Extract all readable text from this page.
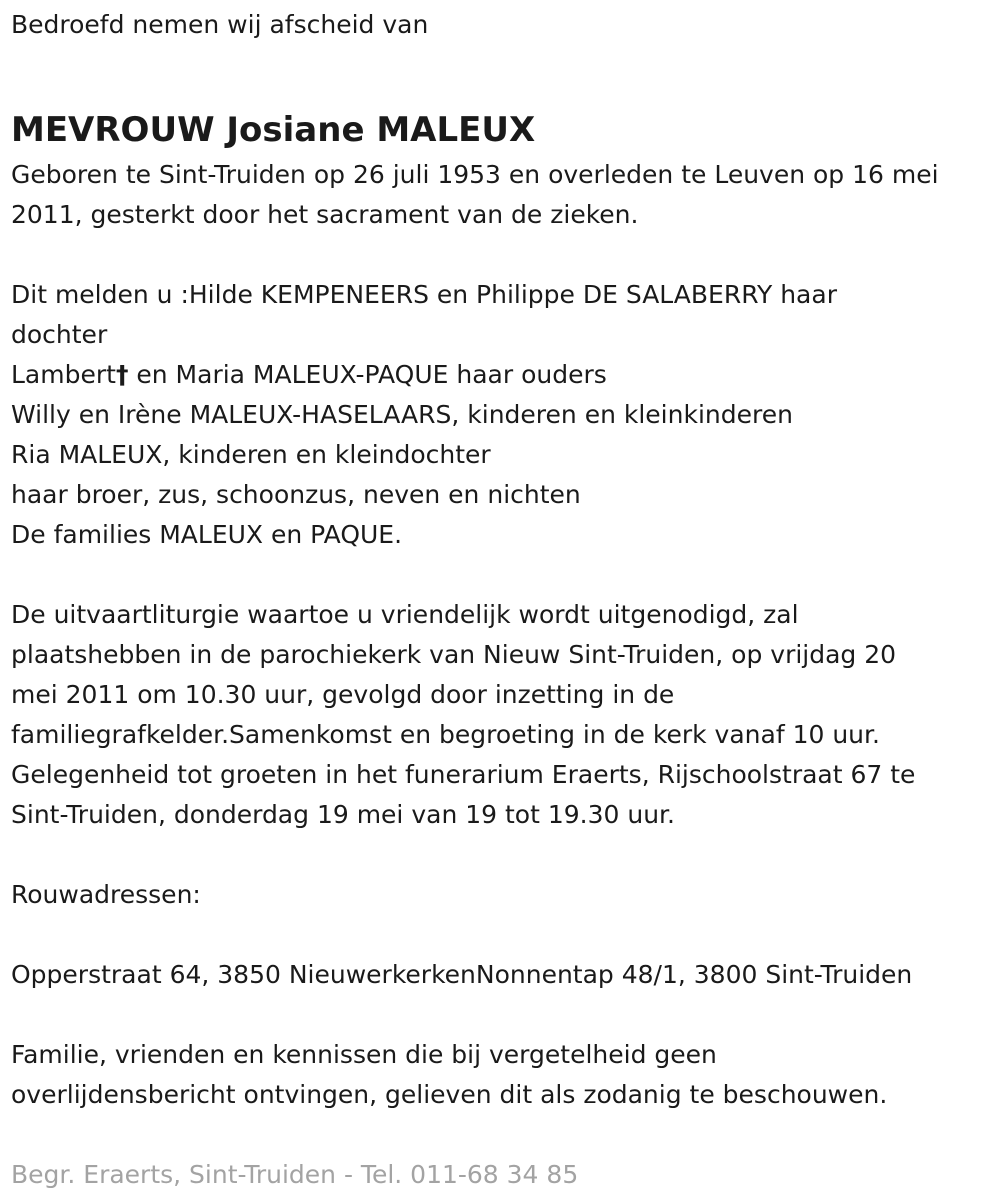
Bedroefd nemen wij afscheid van
MEVROUW Josiane MALEUX
Geboren te Sint-Truiden op 26 juli 1953 en overleden te Leuven op 16 mei
2011, gesterkt door het sacrament van de zieken.
Dit melden u :Hilde KEMPENEERS en Philippe DE SALABERRY haar
dochter
Lambert† en Maria MALEUX-PAQUE haar ouders
Willy en Irène MALEUX-HASELAARS, kinderen en kleinkinderen
Ria MALEUX, kinderen en kleindochter
haar broer, zus, schoonzus, neven en nichten
De families MALEUX en PAQUE.
De uitvaartliturgie waartoe u vriendelijk wordt uitgenodigd, zal
plaatshebben in de parochiekerk van Nieuw Sint-Truiden, op vrijdag 20
mei 2011 om 10.30 uur, gevolgd door inzetting in de
familiegrafkelder.Samenkomst en begroeting in de kerk vanaf 10 uur.
Gelegenheid tot groeten in het funerarium Eraerts, Rijschoolstraat 67 te
Sint-Truiden, donderdag 19 mei van 19 tot 19.30 uur.
Rouwadressen:
Opperstraat 64, 3850 NieuwerkerkenNonnentap 48/1, 3800 Sint-Truiden
Familie, vrienden en kennissen die bij vergetelheid geen
overlijdensbericht ontvingen, gelieven dit als zodanig te beschouwen.
Begr. Eraerts, Sint-Truiden - Tel. 011-68 34 85
